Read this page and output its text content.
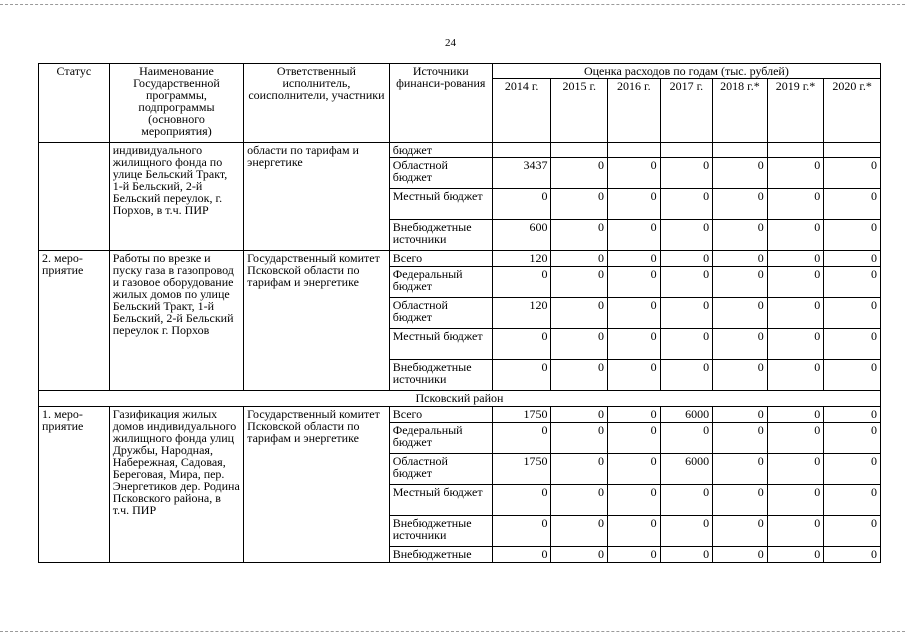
24
Статус	Наименование Государственной программы, подпрограммы (основного мероприятия)	Ответственный исполнитель, соисполнители, участники	Источники финанси-рования	Оценка расходов по годам (тыс. рублей)						
				2014 г.	2015 г.	2016 г.	2017 г.	2018 г.*	2019 г.*	2020 г.*
	индивидуального жилищного фонда по улице Бельский Тракт, 1-й Бельский, 2-й Бельский переулок, г. Порхов, в т.ч. ПИР	области по тарифам и энергетике	бюджет							
			Областной бюджет	3437	0	0	0	0	0	0
			Местный бюджет	0	0	0	0	0	0	0
			Внебюджетные источники	600	0	0	0	0	0	0
2. меро-приятие	Работы по врезке и пуску газа в газопровод и газовое оборудование жилых домов по улице Бельский Тракт, 1-й Бельский, 2-й Бельский переулок г. Порхов	Государственный комитет Псковской области по тарифам и энергетике	Всего	120	0	0	0	0	0	0
			Федеральный бюджет	0	0	0	0	0	0	0
			Областной бюджет	120	0	0	0	0	0	0
			Местный бюджет	0	0	0	0	0	0	0
			Внебюджетные источники	0	0	0	0	0	0	0
Псковский район										
1. меро-приятие	Газификация жилых домов индивидуального жилищного фонда улиц Дружбы, Народная, Набережная, Садовая, Береговая, Мира, пер. Энергетиков дер. Родина Псковского района, в т.ч. ПИР	Государственный комитет Псковской области по тарифам и энергетике	Всего	1750	0	0	6000	0	0	0
			Федеральный бюджет	0	0	0	0	0	0	0
			Областной бюджет	1750	0	0	6000	0	0	0
			Местный бюджет	0	0	0	0	0	0	0
			Внебюджетные источники	0	0	0	0	0	0	0
			Внебюджетные	0	0	0	0	0	0	0
